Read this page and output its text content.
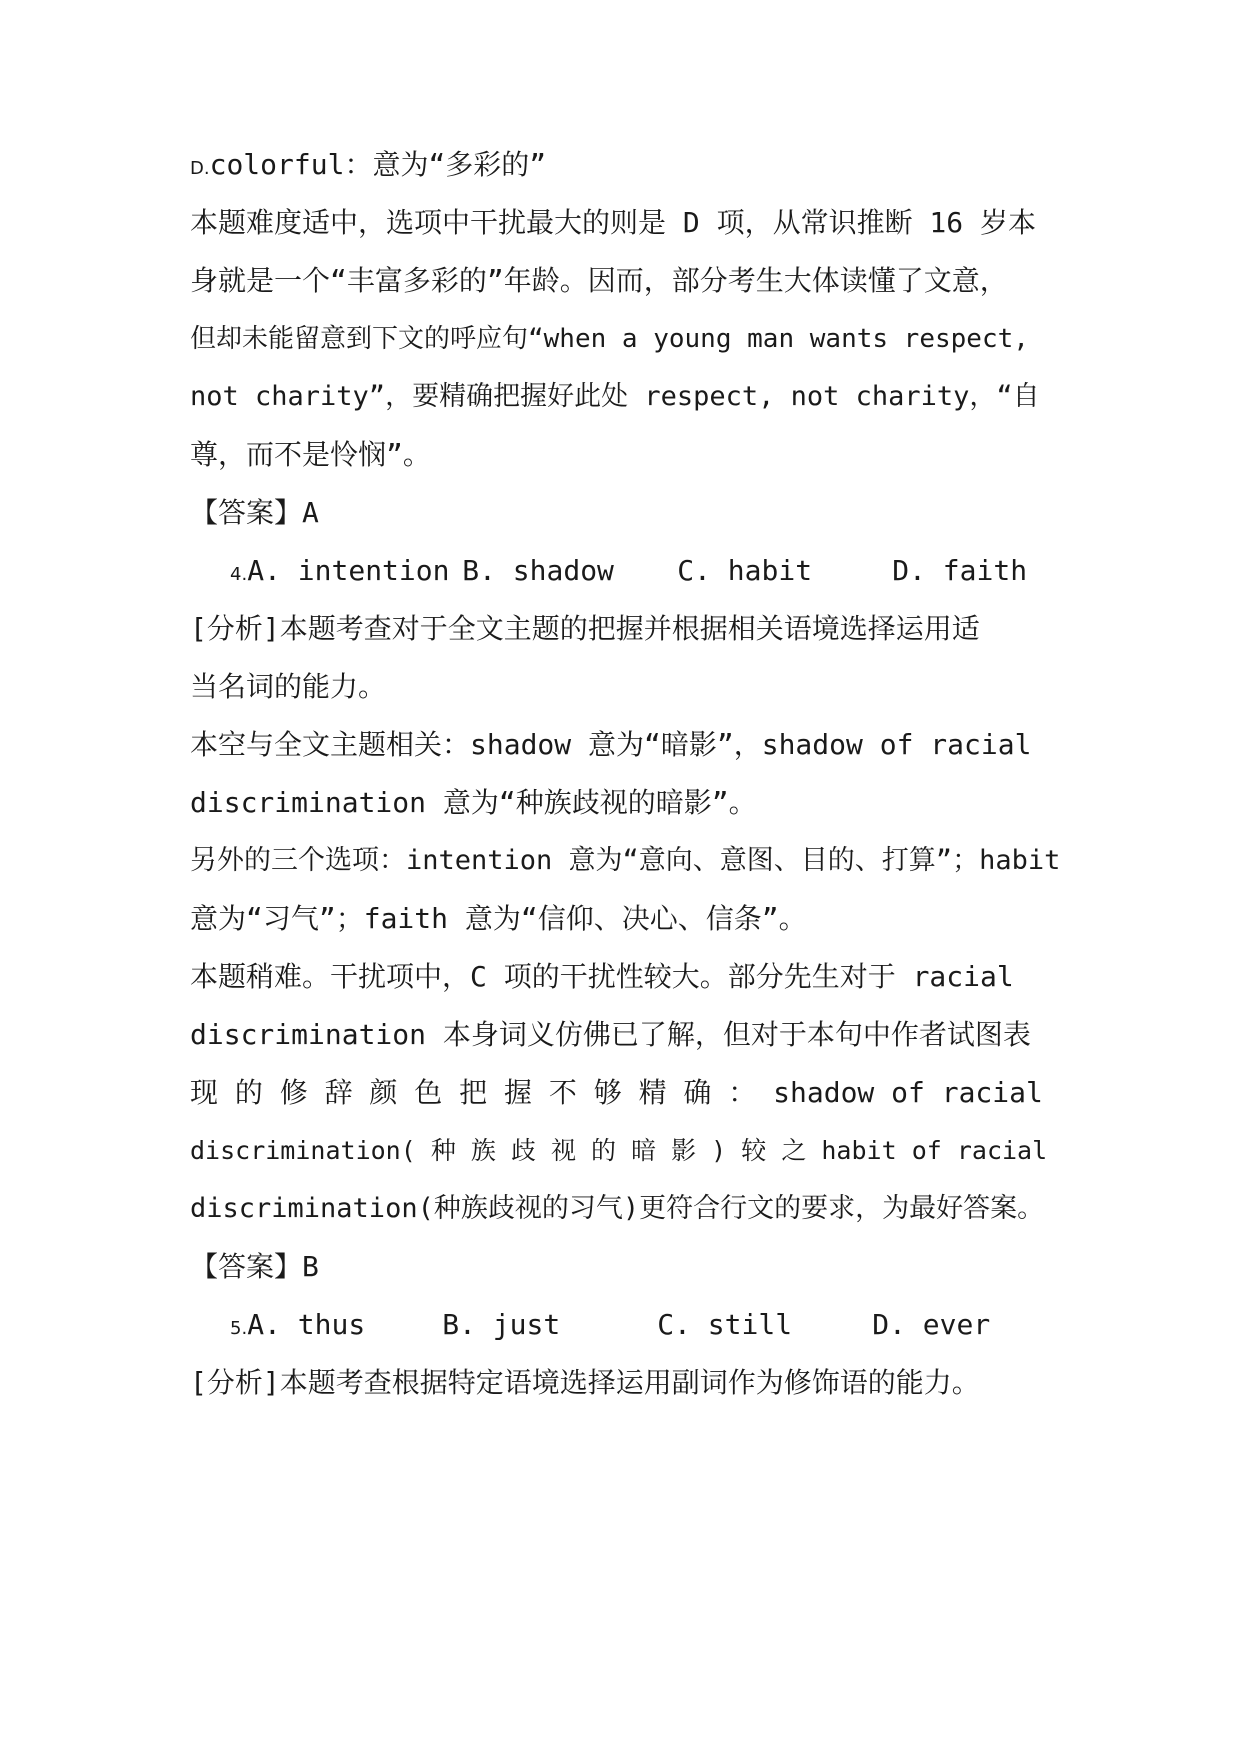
D.colorful：意为“多彩的”
本题难度适中，选项中干扰最大的则是 D 项，从常识推断 16 岁本
身就是一个“丰富多彩的”年龄。因而，部分考生大体读懂了文意，
但却未能留意到下文的呼应句“when a young man wants respect,
not charity”，要精确把握好此处 respect, not charity，“自
尊，而不是怜悯”。
【答案】A
4.A. intention B. shadow C. habit	D. faith
[分析]本题考查对于全文主题的把握并根据相关语境选择运用适
当名词的能力。
本空与全文主题相关：shadow 意为“暗影”，shadow of racial
discrimination 意为“种族歧视的暗影”。
另外的三个选项：intention 意为“意向、意图、目的、打算”；habit
意为“习气”；faith 意为“信仰、决心、信条”。
本题稍难。干扰项中，C 项的干扰性较大。部分先生对于 racial
discrimination 本身词义仿佛已了解，但对于本句中作者试图表
现 的 修 辞 颜 色 把 握 不 够 精 确 ： shadow of racial
discrimination( 种 族 歧 视 的 暗 影 ) 较 之 habit of racial
discrimination(种族歧视的习气)更符合行文的要求，为最好答案。
【答案】B
5.A. thus	B. just	C. still	D. ever
[分析]本题考查根据特定语境选择运用副词作为修饰语的能力。
